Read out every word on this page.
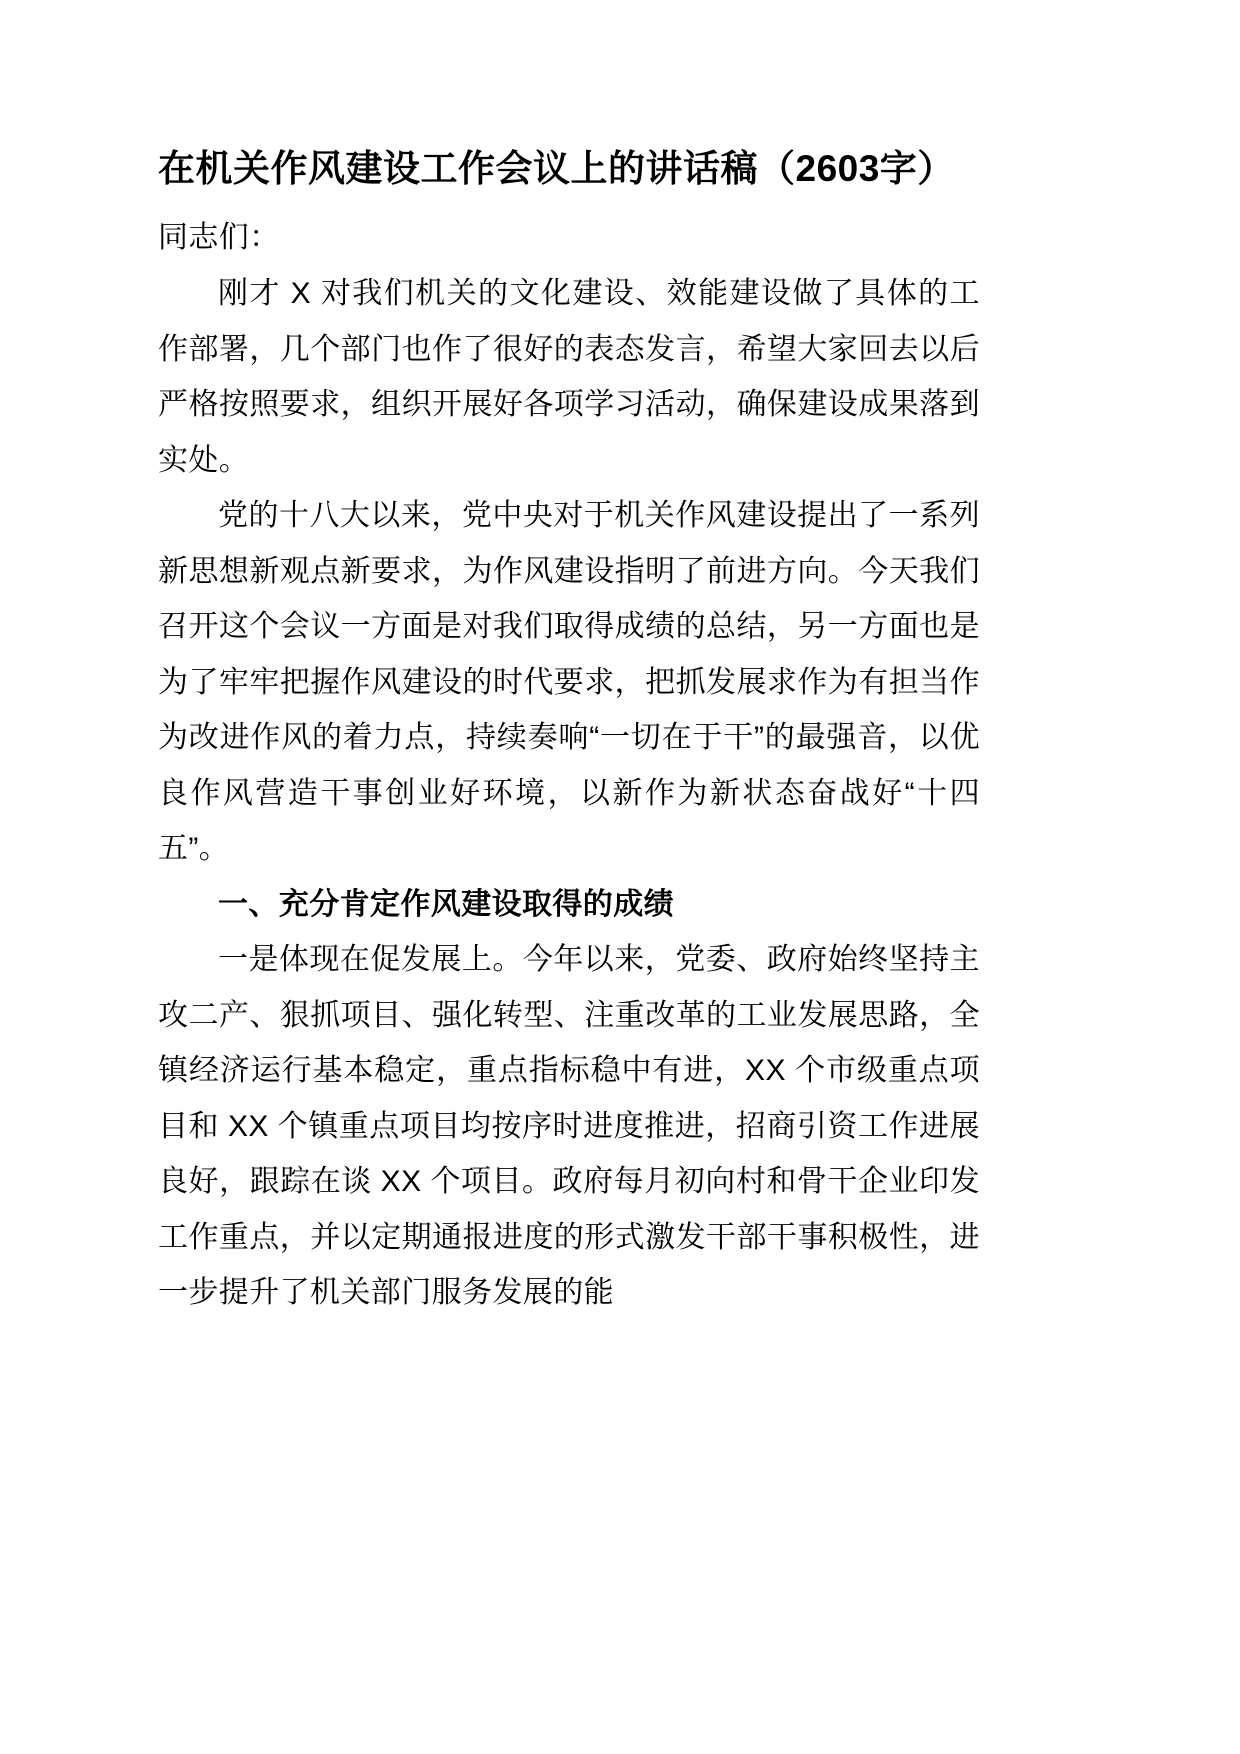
在机关作风建设工作会议上的讲话稿（2603字）

同志们：

刚才 X 对我们机关的文化建设、效能建设做了具体的工作部署，几个部门也作了很好的表态发言，希望大家回去以后严格按照要求，组织开展好各项学习活动，确保建设成果落到实处。

党的十八大以来，党中央对于机关作风建设提出了一系列新思想新观点新要求，为作风建设指明了前进方向。今天我们召开这个会议一方面是对我们取得成绩的总结，另一方面也是为了牢牢把握作风建设的时代要求，把抓发展求作为有担当作为改进作风的着力点，持续奏响“一切在于干”的最强音，以优良作风营造干事创业好环境，以新作为新状态奋战好“十四五”。

一、充分肯定作风建设取得的成绩

一是体现在促发展上。今年以来，党委、政府始终坚持主攻二产、狠抓项目、强化转型、注重改革的工业发展思路，全镇经济运行基本稳定，重点指标稳中有进，XX 个市级重点项目和 XX 个镇重点项目均按序时进度推进，招商引资工作进展良好，跟踪在谈 XX 个项目。政府每月初向村和骨干企业印发工作重点，并以定期通报进度的形式激发干部干事积极性，进一步提升了机关部门服务发展的能
